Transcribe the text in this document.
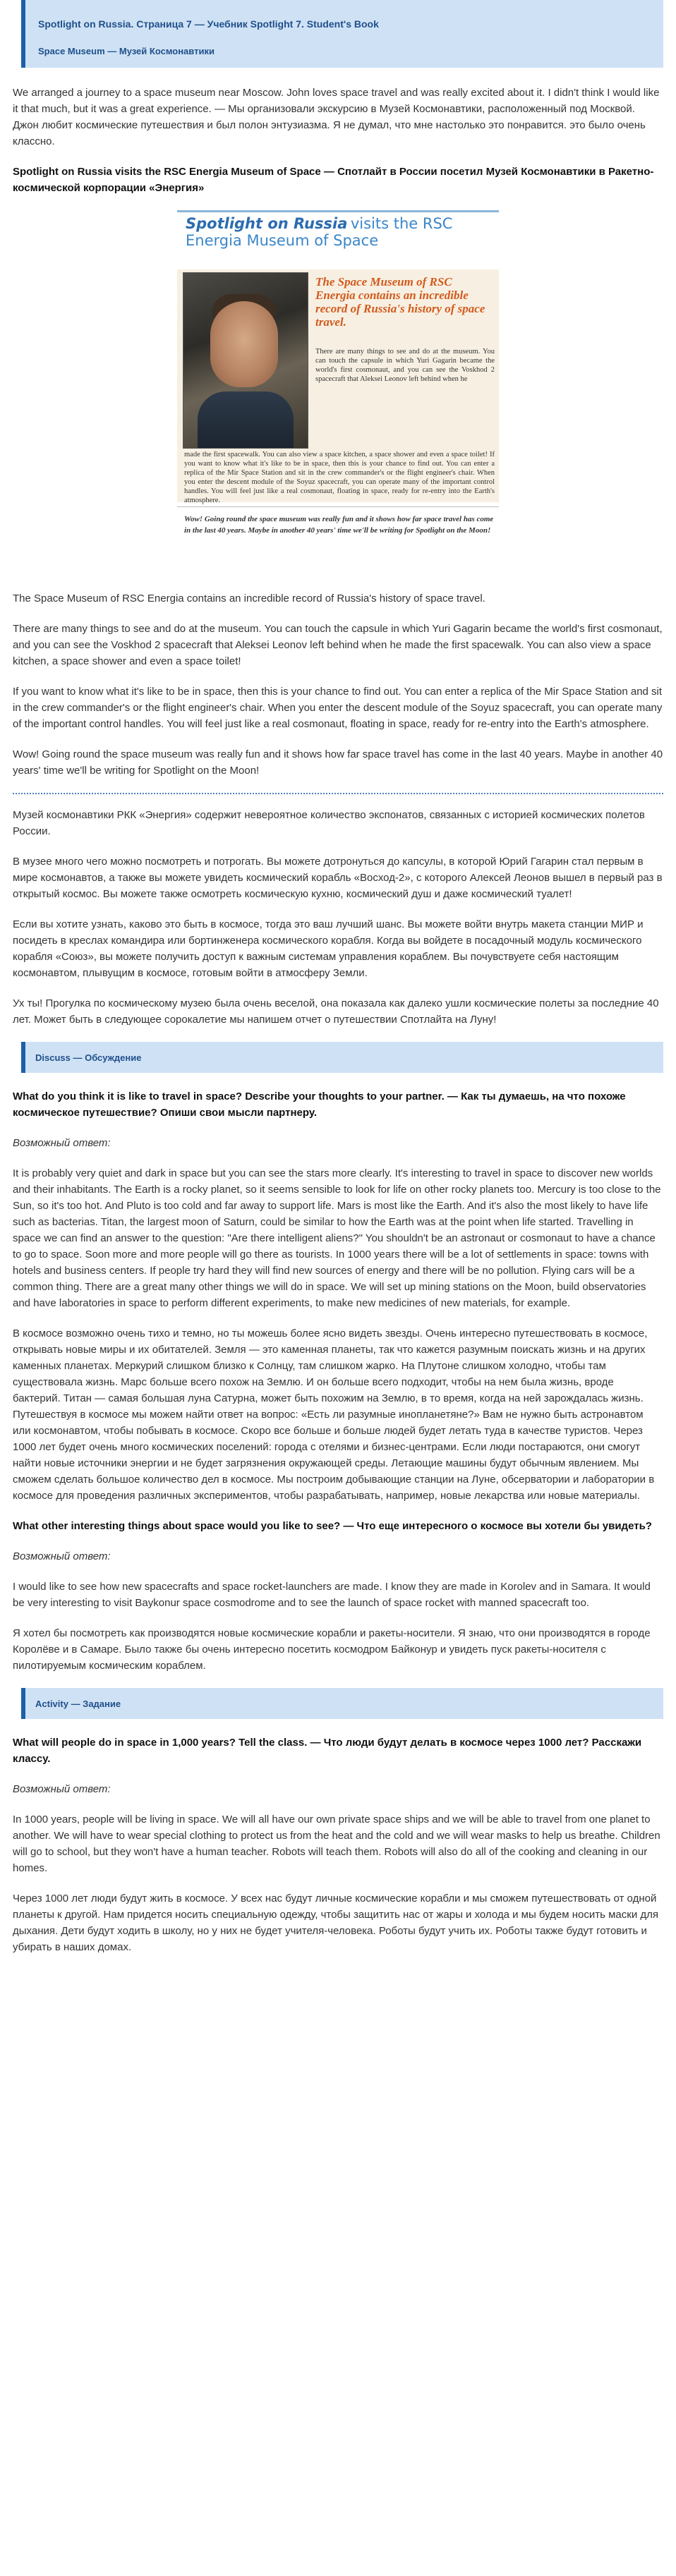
Spotlight on Russia. Страница 7 — Учебник Spotlight 7. Student's Book
Space Museum — Музей Космонавтики

We arranged a journey to a space museum near Moscow. John loves space travel and was really excited about it. I didn't think I would like it that much, but it was a great experience. — Мы организовали экскурсию в Музей Космонавтики, расположенный под Москвой. Джон любит космические путешествия и был полон энтузиазма. Я не думал, что мне настолько это понравится. это было очень классно.

Spotlight on Russia visits the RSC Energia Museum of Space — Спотлайт в России посетил Музей Космонавтики в Ракетно-космической корпорации «Энергия»

Spotlight on Russia visits the RSC
Energia Museum of Space
The Space Museum of RSC Energia contains an incredible record of Russia's history of space travel.
There are many things to see and do at the museum. You can touch the capsule in which Yuri Gagarin became the world's first cosmonaut, and you can see the Voskhod 2 spacecraft that Aleksei Leonov left behind when he
made the first spacewalk. You can also view a space kitchen, a space shower and even a space toilet! If you want to know what it's like to be in space, then this is your chance to find out. You can enter a replica of the Mir Space Station and sit in the crew commander's or the flight engineer's chair. When you enter the descent module of the Soyuz spacecraft, you can operate many of the important control handles. You will feel just like a real cosmonaut, floating in space, ready for re-entry into the Earth's atmosphere.
Wow! Going round the space museum was really fun and it shows how far space travel has come in the last 40 years. Maybe in another 40 years' time we'll be writing for Spotlight on the Moon!

The Space Museum of RSC Energia contains an incredible record of Russia's history of space travel.

There are many things to see and do at the museum. You can touch the capsule in which Yuri Gagarin became the world's first cosmonaut, and you can see the Voskhod 2 spacecraft that Aleksei Leonov left behind when he made the first spacewalk. You can also view a space kitchen, a space shower and even a space toilet!

If you want to know what it's like to be in space, then this is your chance to find out. You can enter a replica of the Mir Space Station and sit in the crew commander's or the flight engineer's chair. When you enter the descent module of the Soyuz spacecraft, you can operate many of the important control handles. You will feel just like a real cosmonaut, floating in space, ready for re-entry into the Earth's atmosphere.

Wow! Going round the space museum was really fun and it shows how far space travel has come in the last 40 years. Maybe in another 40 years' time we'll be writing for Spotlight on the Moon!

Музей космонавтики РКК «Энергия» содержит невероятное количество экспонатов, связанных с историей космических полетов России.

В музее много чего можно посмотреть и потрогать. Вы можете дотронуться до капсулы, в которой Юрий Гагарин стал первым в мире космонавтов, а также вы можете увидеть космический корабль «Восход-2», с которого Алексей Леонов вышел в первый раз в открытый космос. Вы можете также осмотреть космическую кухню, космический душ и даже космический туалет!

Если вы хотите узнать, каково это быть в космосе, тогда это ваш лучший шанс. Вы можете войти внутрь макета станции МИР и посидеть в креслах командира или бортинженера космического корабля. Когда вы войдете в посадочный модуль космического корабля «Союз», вы можете получить доступ к важным системам управления кораблем. Вы почувствуете себя настоящим космонавтом, плывущим в космосе, готовым войти в атмосферу Земли.

Ух ты! Прогулка по космическому музею была очень веселой, она показала как далеко ушли космические полеты за последние 40 лет. Может быть в следующее сорокалетие мы напишем отчет о путешествии Спотлайта на Луну!

Discuss — Обсуждение

What do you think it is like to travel in space? Describe your thoughts to your partner. — Как ты думаешь, на что похоже космическое путешествие? Опиши свои мысли партнеру.

Возможный ответ:

It is probably very quiet and dark in space but you can see the stars more clearly. It's interesting to travel in space to discover new worlds and their inhabitants. The Earth is a rocky planet, so it seems sensible to look for life on other rocky planets too. Mercury is too close to the Sun, so it's too hot. And Pluto is too cold and far away to support life. Mars is most like the Earth. And it's also the most likely to have life such as bacterias. Titan, the largest moon of Saturn, could be similar to how the Earth was at the point when life started. Travelling in space we can find an answer to the question: "Are there intelligent aliens?" You shouldn't be an astronaut or cosmonaut to have a chance to go to space. Soon more and more people will go there as tourists. In 1000 years there will be a lot of settlements in space: towns with hotels and business centers. If people try hard they will find new sources of energy and there will be no pollution. Flying cars will be a common thing. There are a great many other things we will do in space. We will set up mining stations on the Moon, build observatories and have laboratories in space to perform different experiments, to make new medicines of new materials, for example.

В космосе возможно очень тихо и темно, но ты можешь более ясно видеть звезды. Очень интересно путешествовать в космосе, открывать новые миры и их обитателей. Земля — это каменная планеты, так что кажется разумным поискать жизнь и на других каменных планетах. Меркурий слишком близко к Солнцу, там слишком жарко. На Плутоне слишком холодно, чтобы там существовала жизнь. Марс больше всего похож на Землю. И он больше всего подходит, чтобы на нем была жизнь, вроде бактерий. Титан — самая большая луна Сатурна, может быть похожим на Землю, в то время, когда на ней зарождалась жизнь. Путешествуя в космосе мы можем найти ответ на вопрос: «Есть ли разумные инопланетяне?» Вам не нужно быть астронавтом или космонавтом, чтобы побывать в космосе. Скоро все больше и больше людей будет летать туда в качестве туристов. Через 1000 лет будет очень много космических поселений: города с отелями и бизнес-центрами. Если люди постараются, они смогут найти новые источники энергии и не будет загрязнения окружающей среды. Летающие машины будут обычным явлением. Мы сможем сделать большое количество дел в космосе. Мы построим добывающие станции на Луне, обсерватории и лаборатории в космосе для проведения различных экспериментов, чтобы разрабатывать, например, новые лекарства или новые материалы.

What other interesting things about space would you like to see? — Что еще интересного о космосе вы хотели бы увидеть?

Возможный ответ:

I would like to see how new spacecrafts and space rocket-launchers are made. I know they are made in Korolev and in Samara. It would be very interesting to visit Baykonur space cosmodrome and to see the launch of space rocket with manned spacecraft too.

Я хотел бы посмотреть как производятся новые космические корабли и ракеты-носители. Я знаю, что они производятся в городе Королёве и в Самаре. Было также бы очень интересно посетить космодром Байконур и увидеть пуск ракеты-носителя с пилотируемым космическим кораблем.

Activity — Задание

What will people do in space in 1,000 years? Tell the class. — Что люди будут делать в космосе через 1000 лет? Расскажи классу.

Возможный ответ:

In 1000 years, people will be living in space. We will all have our own private space ships and we will be able to travel from one planet to another. We will have to wear special clothing to protect us from the heat and the cold and we will wear masks to help us breathe. Children will go to school, but they won't have a human teacher. Robots will teach them. Robots will also do all of the cooking and cleaning in our homes.

Через 1000 лет люди будут жить в космосе. У всех нас будут личные космические корабли и мы сможем путешествовать от одной планеты к другой. Нам придется носить специальную одежду, чтобы защитить нас от жары и холода и мы будем носить маски для дыхания. Дети будут ходить в школу, но у них не будет учителя-человека. Роботы будут учить их. Роботы также будут готовить и убирать в наших домах.
